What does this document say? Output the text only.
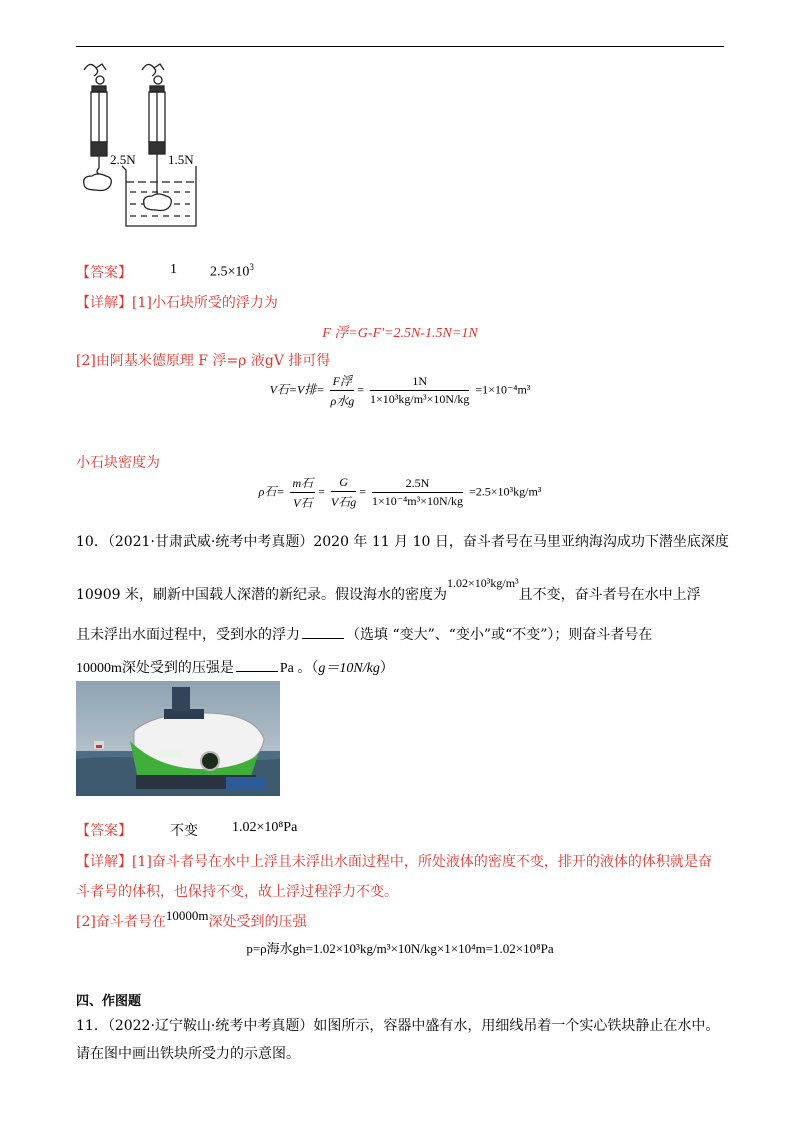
2.5N 1.5N
【答案】	1 $2.5\times 10^3$
【详解】[1]小石块所受的浮力为
F 浮=G-F'=2.5N-1.5N=1N
[2]由阿基米德原理 F 浮=ρ 液gV 排可得
V石=V排= $\frac{\text{F浮}}{\text{ρ水g}} = \frac{1N}{\text{1×10³kg/m³×10N/kg}} =1\times 10^{-4}m^3$
小石块密度为
ρ石= $\frac{\text{m石}}{\text{V石}} = \frac{G}{\text{V石g}} = \frac{2.5N}{\text{1×10⁻⁴m³×10N/kg}} =2.5\times 10^3kg/m^3$
10．（2021·甘肃武威·统考中考真题）2020 年 11 月 10 日，奋斗者号在马里亚纳海沟成功下潜坐底深度
10909 米，刷新中国载人深潜的新纪录。假设海水的密度为1.02×10³kg/m³且不变，奋斗者号在水中上浮
且未浮出水面过程中，受到水的浮力	（选填 “变大”、“变小”或“不变”）；则奋斗者号在
10000m深处受到的压强是	Pa 。（g＝10N/kg）
【答案】	不变 1.02×10⁸Pa
【详解】[1]奋斗者号在水中上浮且未浮出水面过程中，所处液体的密度不变，排开的液体的体积就是奋
斗者号的体积，也保持不变，故上浮过程浮力不变。
[2]奋斗者号在10000m深处受到的压强
p=ρ海水gh=1.02×10³kg/m³×10N/kg×1×10⁴m=1.02×10⁸Pa
四、作图题
11．（2022·辽宁鞍山·统考中考真题）如图所示，容器中盛有水，用细线吊着一个实心铁块静止在水中。
请在图中画出铁块所受力的示意图。
